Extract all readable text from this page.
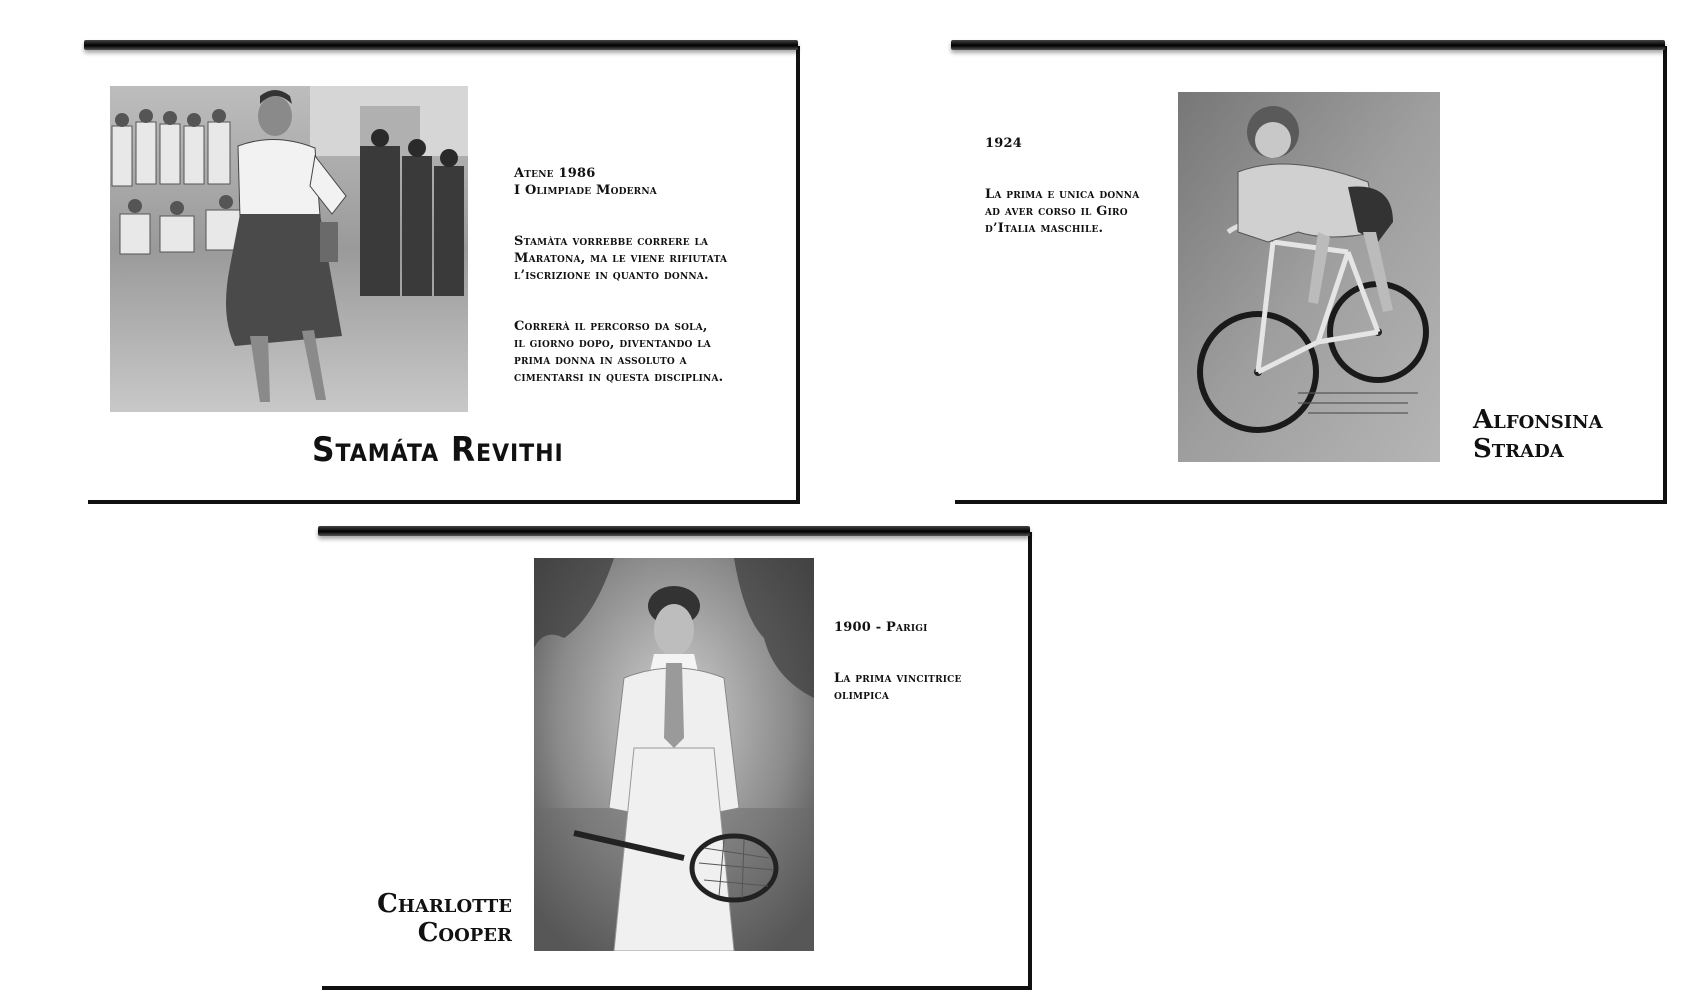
Atene 1986
I Olimpiade Moderna

Stamàta vorrebbe correre la
Maratona, ma le viene rifiutata
l’iscrizione in quanto donna.

Correrà il percorso da sola,
il giorno dopo, diventando la
prima donna in assoluto a
cimentarsi in questa disciplina.

Stamáta Revithi

1924

La prima e unica donna
ad aver corso il Giro
d’Italia maschile.

Alfonsina
Strada
Charlotte
Cooper

1900 - Parigi

La prima vincitrice
olimpica
